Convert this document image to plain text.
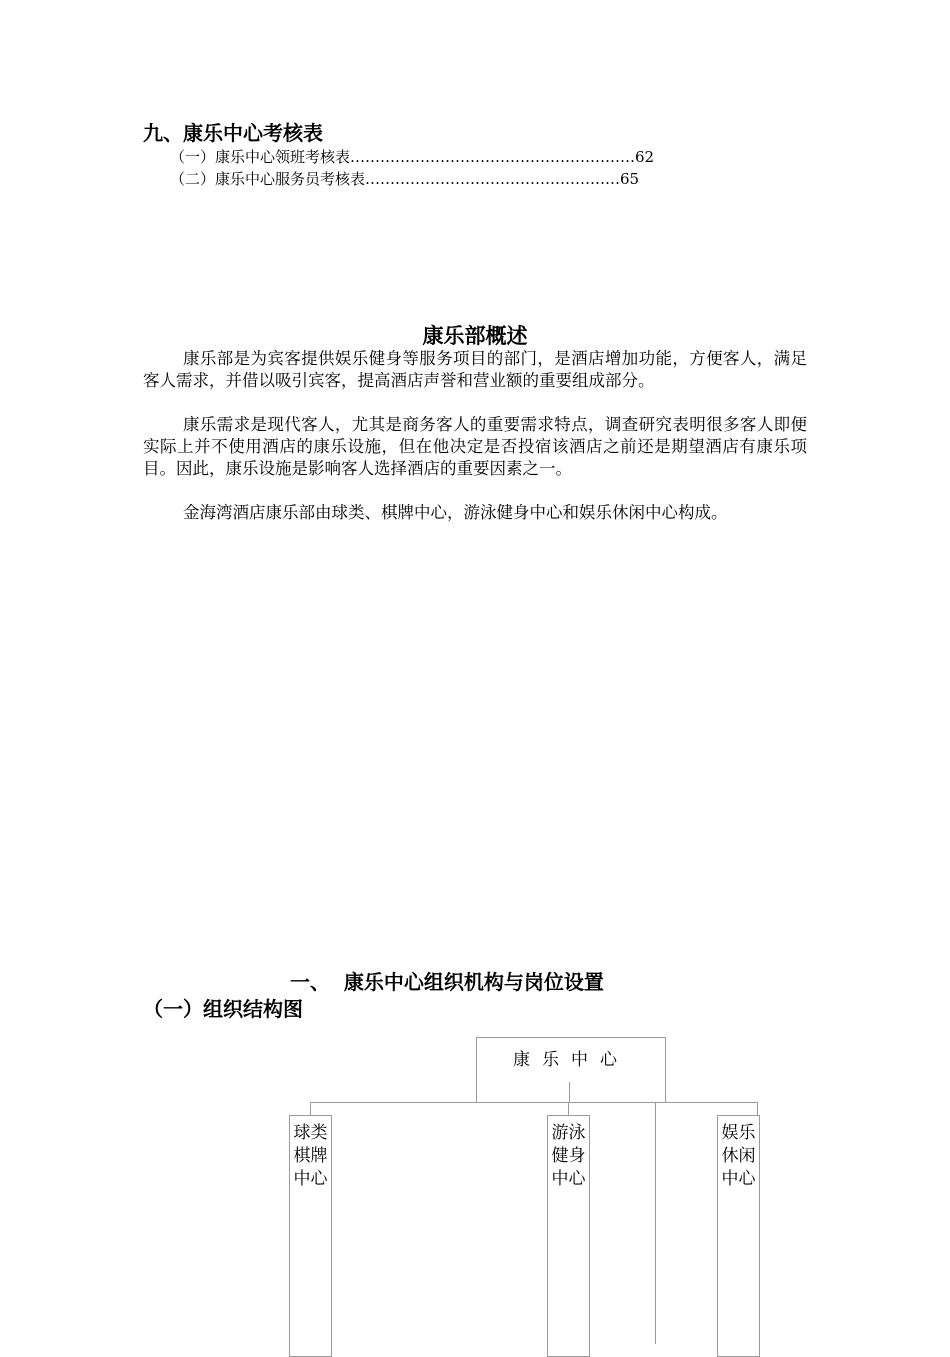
九、康乐中心考核表
（一）康乐中心领班考核表…………………………………………………62
（二）康乐中心服务员考核表……………………………………………65
康乐部概述
康乐部是为宾客提供娱乐健身等服务项目的部门，是酒店增加功能，方便客人，满足客人需求，并借以吸引宾客，提高酒店声誉和营业额的重要组成部分。
康乐需求是现代客人，尤其是商务客人的重要需求特点，调查研究表明很多客人即便实际上并不使用酒店的康乐设施，但在他决定是否投宿该酒店之前还是期望酒店有康乐项目。因此，康乐设施是影响客人选择酒店的重要因素之一。
金海湾酒店康乐部由球类、棋牌中心，游泳健身中心和娱乐休闲中心构成。
一、  康乐中心组织机构与岗位设置
（一）组织结构图
康乐中心
球类棋牌中心
游泳健身中心
娱乐休闲中心
